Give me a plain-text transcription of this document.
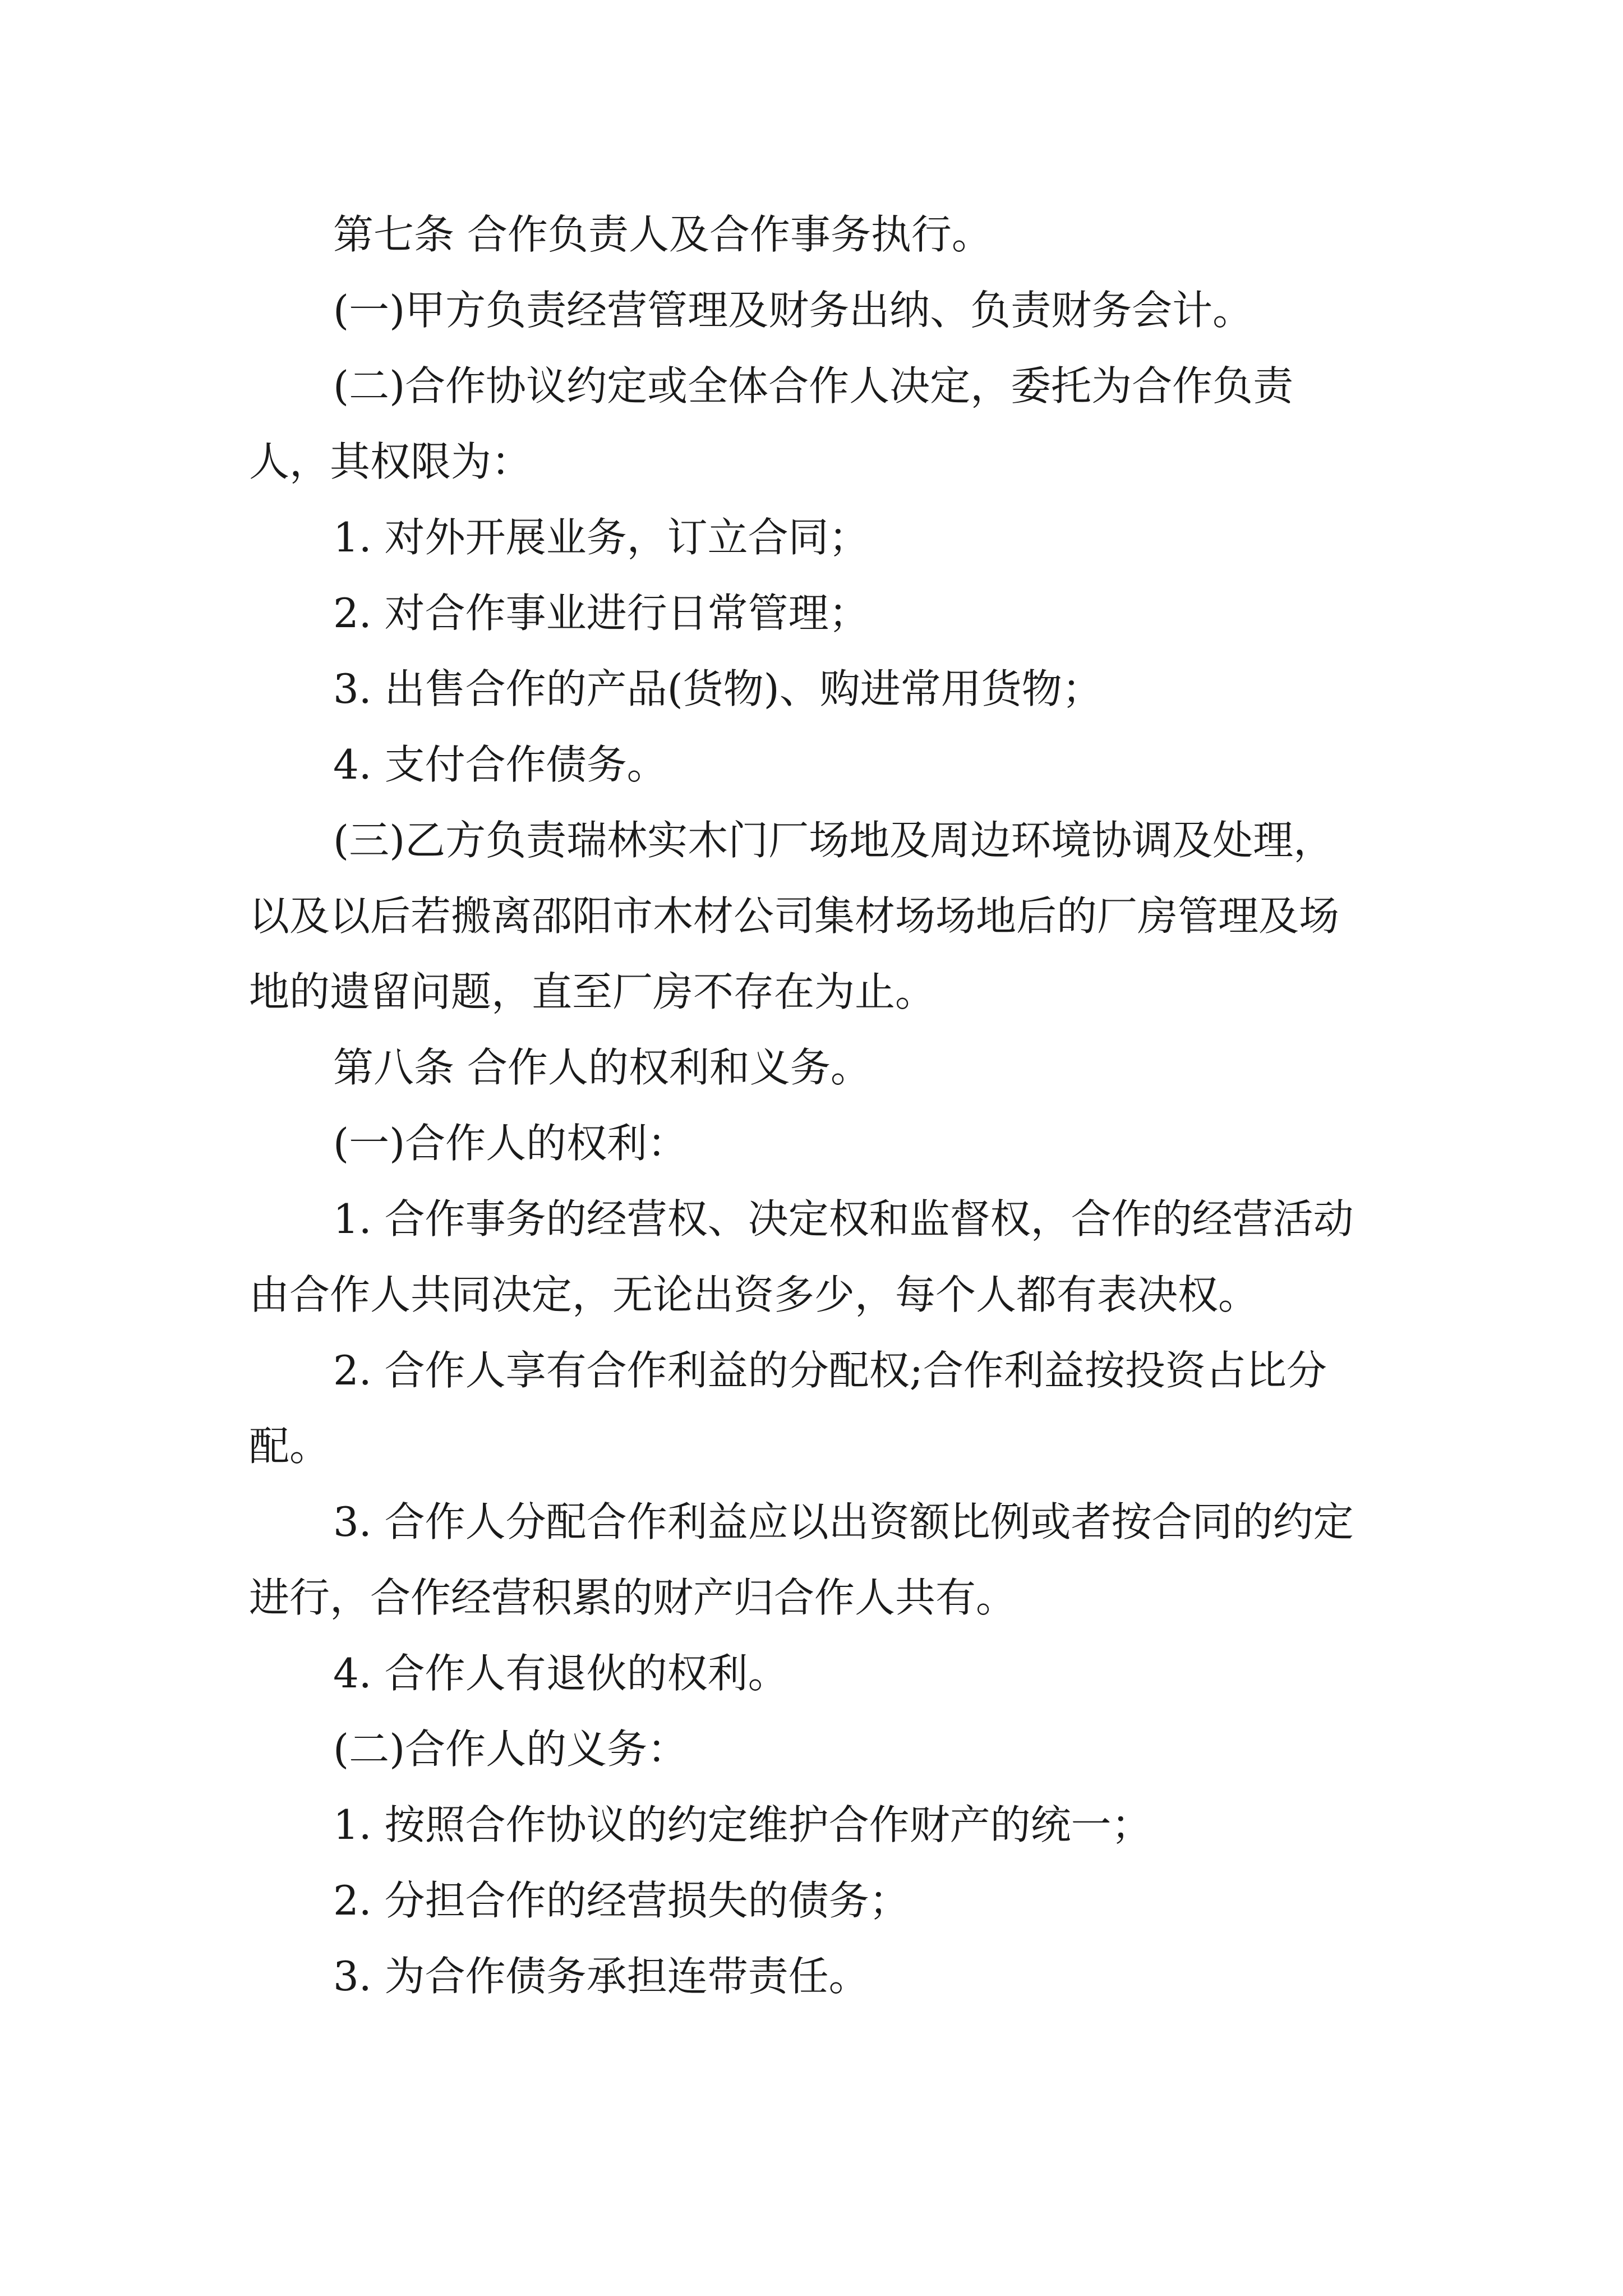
第七条 合作负责人及合作事务执行。

(一)甲方负责经营管理及财务出纳、负责财务会计。

(二)合作协议约定或全体合作人决定，委托为合作负责人，其权限为：

1. 对外开展业务，订立合同；

2. 对合作事业进行日常管理；

3. 出售合作的产品(货物)、购进常用货物；

4. 支付合作债务。

(三)乙方负责瑞林实木门厂场地及周边环境协调及处理，以及以后若搬离邵阳市木材公司集材场场地后的厂房管理及场地的遗留问题，直至厂房不存在为止。

第八条 合作人的权利和义务。

(一)合作人的权利：

1. 合作事务的经营权、决定权和监督权，合作的经营活动由合作人共同决定，无论出资多少，每个人都有表决权。

2. 合作人享有合作利益的分配权;合作利益按投资占比分配。

3. 合作人分配合作利益应以出资额比例或者按合同的约定进行，合作经营积累的财产归合作人共有。

4. 合作人有退伙的权利。

(二)合作人的义务：

1. 按照合作协议的约定维护合作财产的统一；

2. 分担合作的经营损失的债务；

3. 为合作债务承担连带责任。
